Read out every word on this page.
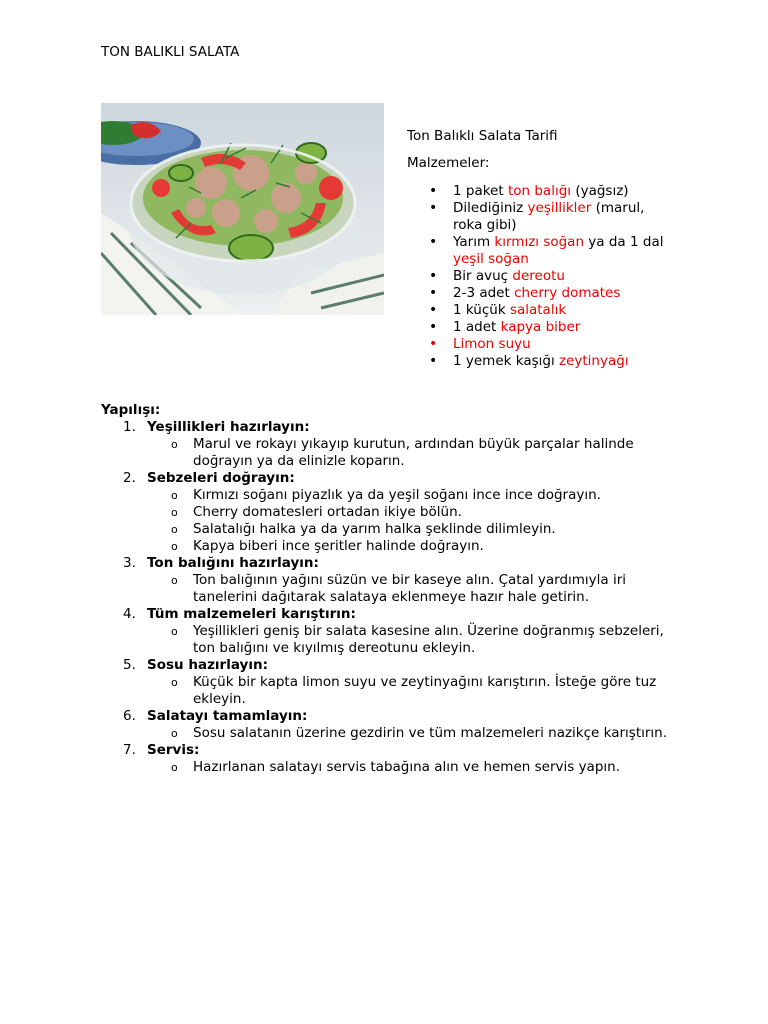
TON BALIKLI SALATA

Ton Balıklı Salata Tarifi

Malzemeler:

• 1 paket ton balığı (yağsız)
• Dilediğiniz yeşillikler (marul, roka gibi)
• Yarım kırmızı soğan ya da 1 dal yeşil soğan
• Bir avuç dereotu
• 2-3 adet cherry domates
• 1 küçük salatalık
• 1 adet kapya biber
• Limon suyu
• 1 yemek kaşığı zeytinyağı

Yapılışı:

1. Yeşillikleri hazırlayın:
o Marul ve rokayı yıkayıp kurutun, ardından büyük parçalar halinde doğrayın ya da elinizle koparın.
2. Sebzeleri doğrayın:
o Kırmızı soğanı piyazlık ya da yeşil soğanı ince ince doğrayın.
o Cherry domatesleri ortadan ikiye bölün.
o Salatalığı halka ya da yarım halka şeklinde dilimleyin.
o Kapya biberi ince şeritler halinde doğrayın.
3. Ton balığını hazırlayın:
o Ton balığının yağını süzün ve bir kaseye alın. Çatal yardımıyla iri tanelerini dağıtarak salataya eklenmeye hazır hale getirin.
4. Tüm malzemeleri karıştırın:
o Yeşillikleri geniş bir salata kasesine alın. Üzerine doğranmış sebzeleri, ton balığını ve kıyılmış dereotunu ekleyin.
5. Sosu hazırlayın:
o Küçük bir kapta limon suyu ve zeytinyağını karıştırın. İsteğe göre tuz ekleyin.
6. Salatayı tamamlayın:
o Sosu salatanın üzerine gezdirin ve tüm malzemeleri nazikçe karıştırın.
7. Servis:
o Hazırlanan salatayı servis tabağına alın ve hemen servis yapın.
